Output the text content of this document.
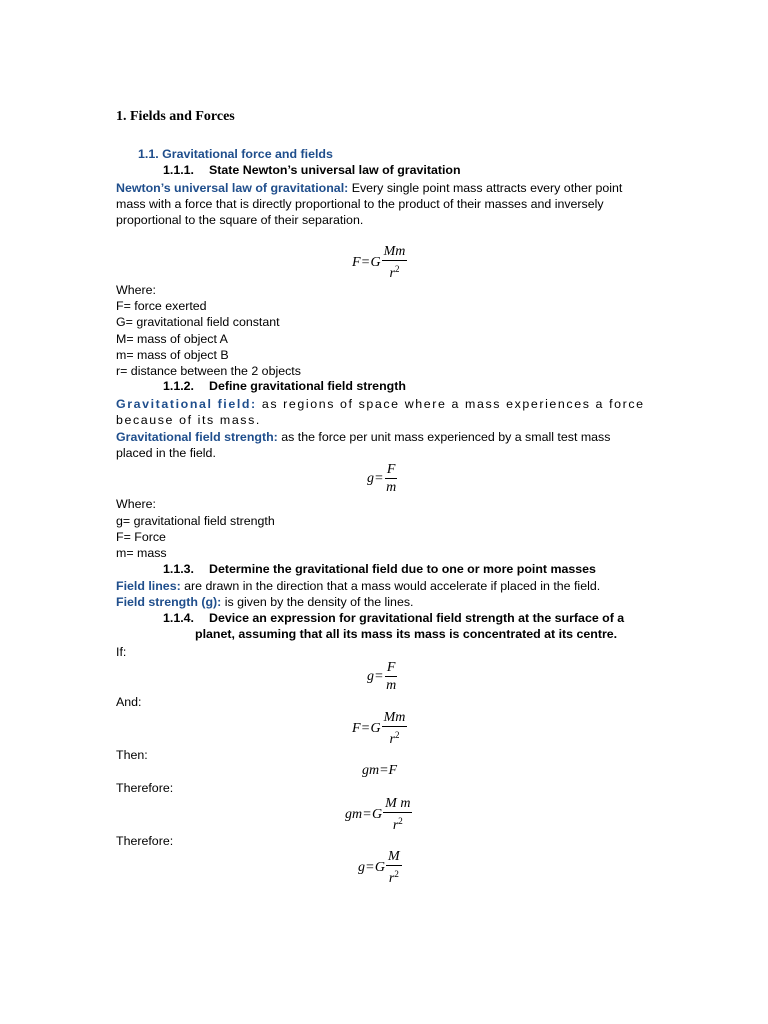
1. Fields and Forces
1.1. Gravitational force and fields
1.1.1. State Newton’s universal law of gravitation
Newton’s universal law of gravitational: Every single point mass attracts every other point
mass with a force that is directly proportional to the product of their masses and inversely
proportional to the square of their separation.
F = G $\frac{Mm}{r^2}$
Where:
F= force exerted
G= gravitational field constant
M= mass of object A
m= mass of object B
r= distance between the 2 objects
1.1.2. Define gravitational field strength
Gravitational field: as regions of space where a mass experiences a force
because of its mass.
Gravitational field strength: as the force per unit mass experienced by a small test mass
placed in the field.
$g = \frac{F}{m}$
Where:
g= gravitational field strength
F= Force
m= mass
1.1.3. Determine the gravitational field due to one or more point masses
Field lines: are drawn in the direction that a mass would accelerate if placed in the field.
Field strength (g): is given by the density of the lines.
1.1.4. Device an expression for gravitational field strength at the surface of a
planet, assuming that all its mass its mass is concentrated at its centre.
If:
$g = \frac{F}{m}$
And:
F = G $\frac{Mm}{r^2}$
Then:
gm=F
Therefore:
gm = G $\frac{\text{M m}}{r^2}$
Therefore:
g = G $\frac{M}{r^2}$
